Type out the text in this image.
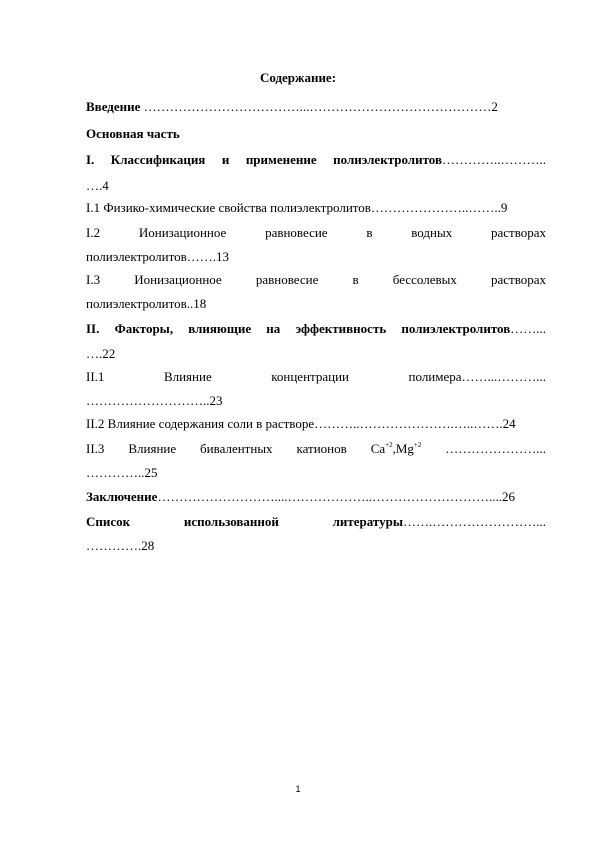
Содержание:
Введение ………………………………...……………………………………2
Основная часть
I. Классификация и применение полиэлектролитов…………..………..
….4
I.1 Физико-химические свойства полиэлектролитов…………………..……..9
I.2	Ионизационное	равновесие	в	водных	растворах
полиэлектролитов…….13
I.3	Ионизационное	равновесие	в	бессолевых	растворах
полиэлектролитов..18
II. Факторы, влияющие на эффективность полиэлектролитов……...
….22
II.1	Влияние	концентрации	полимера……...………...
………………………..23
II.2 Влияние содержания соли в растворе………..………………….…..…….24
II.3 Влияние бивалентных катионов $Ca^{+2},Mg^{+2}$ …………………...
…………..25
Заключение………………………....………………..………………………....26
Список	использованной	литературы…….……………………...
………….28
1
